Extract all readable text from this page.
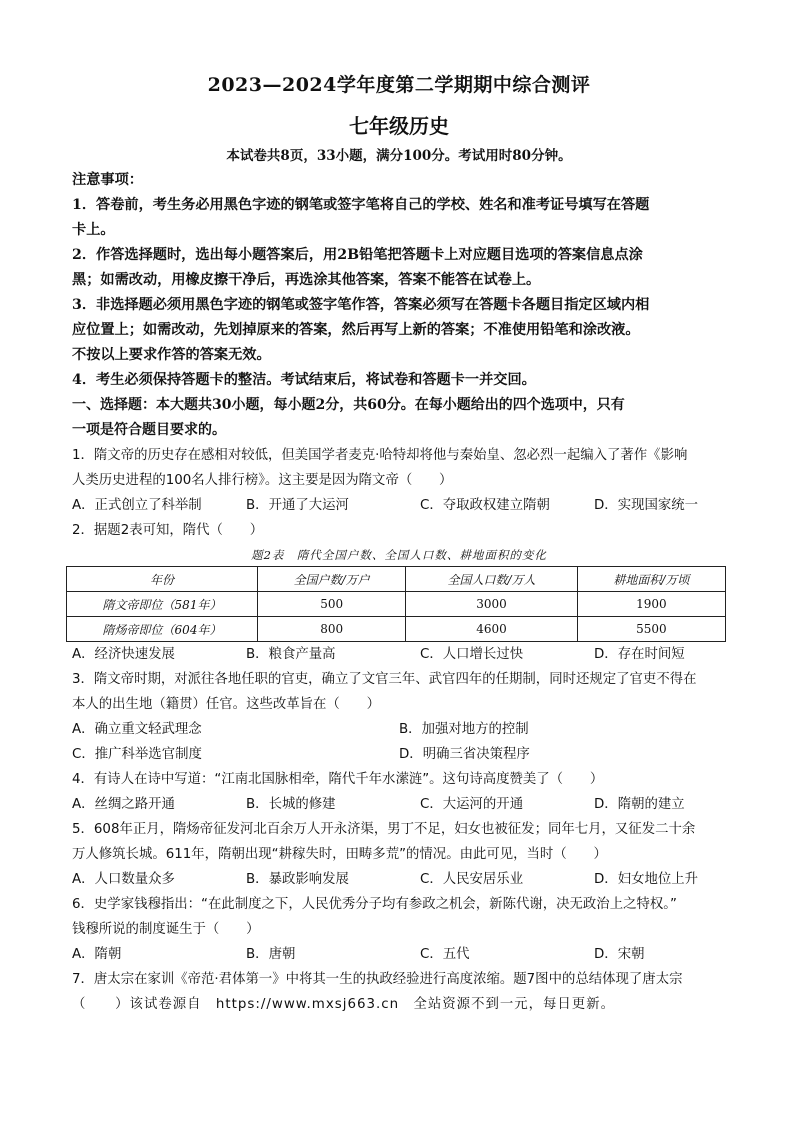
2023—2024学年度第二学期期中综合测评
七年级历史
本试卷共8页，33小题，满分100分。考试用时80分钟。
注意事项：
1．答卷前，考生务必用黑色字迹的钢笔或签字笔将自己的学校、姓名和准考证号填写在答题
卡上。
2．作答选择题时，选出每小题答案后，用2B铅笔把答题卡上对应题目选项的答案信息点涂
黑；如需改动，用橡皮擦干净后，再选涂其他答案，答案不能答在试卷上。
3．非选择题必须用黑色字迹的钢笔或签字笔作答，答案必须写在答题卡各题目指定区域内相
应位置上；如需改动，先划掉原来的答案，然后再写上新的答案；不准使用铅笔和涂改液。
不按以上要求作答的答案无效。
4．考生必须保持答题卡的整洁。考试结束后，将试卷和答题卡一并交回。
一、选择题：本大题共30小题，每小题2分，共60分。在每小题给出的四个选项中，只有
一项是符合题目要求的。
1．隋文帝的历史存在感相对较低，但美国学者麦克·哈特却将他与秦始皇、忽必烈一起编入了著作《影响
人类历史进程的100名人排行榜》。这主要是因为隋文帝（　　）
A．正式创立了科举制	B．开通了大运河	C．夺取政权建立隋朝	D．实现国家统一
2．据题2表可知，隋代（　　）
题2表　隋代全国户数、全国人口数、耕地面积的变化
年份	全国户数/万户	全国人口数/万人	耕地面积/万顷
隋文帝即位（581年）	500	3000	1900
隋炀帝即位（604年）	800	4600	5500
A．经济快速发展	B．粮食产量高	C．人口增长过快	D．存在时间短
3．隋文帝时期，对派往各地任职的官吏，确立了文官三年、武官四年的任期制，同时还规定了官吏不得在
本人的出生地（籍贯）任官。这些改革旨在（　　）
A．确立重文轻武理念	B．加强对地方的控制
C．推广科举选官制度	D．明确三省决策程序
4．有诗人在诗中写道：“江南北国脉相牵，隋代千年水潆涟”。这句诗高度赞美了（　　）
A．丝绸之路开通	B．长城的修建	C．大运河的开通	D．隋朝的建立
5．608年正月，隋炀帝征发河北百余万人开永济渠，男丁不足，妇女也被征发；同年七月，又征发二十余
万人修筑长城。611年，隋朝出现“耕稼失时，田畴多荒”的情况。由此可见，当时（　　）
A．人口数量众多	B．暴政影响发展	C．人民安居乐业	D．妇女地位上升
6．史学家钱穆指出：“在此制度之下，人民优秀分子均有参政之机会，新陈代谢，决无政治上之特权。”
钱穆所说的制度诞生于（　　）
A．隋朝	B．唐朝	C．五代	D．宋朝
7．唐太宗在家训《帝范·君体第一》中将其一生的执政经验进行高度浓缩。题7图中的总结体现了唐太宗
（　　）该试卷源自　https://www.mxsj663.cn　全站资源不到一元，每日更新。
